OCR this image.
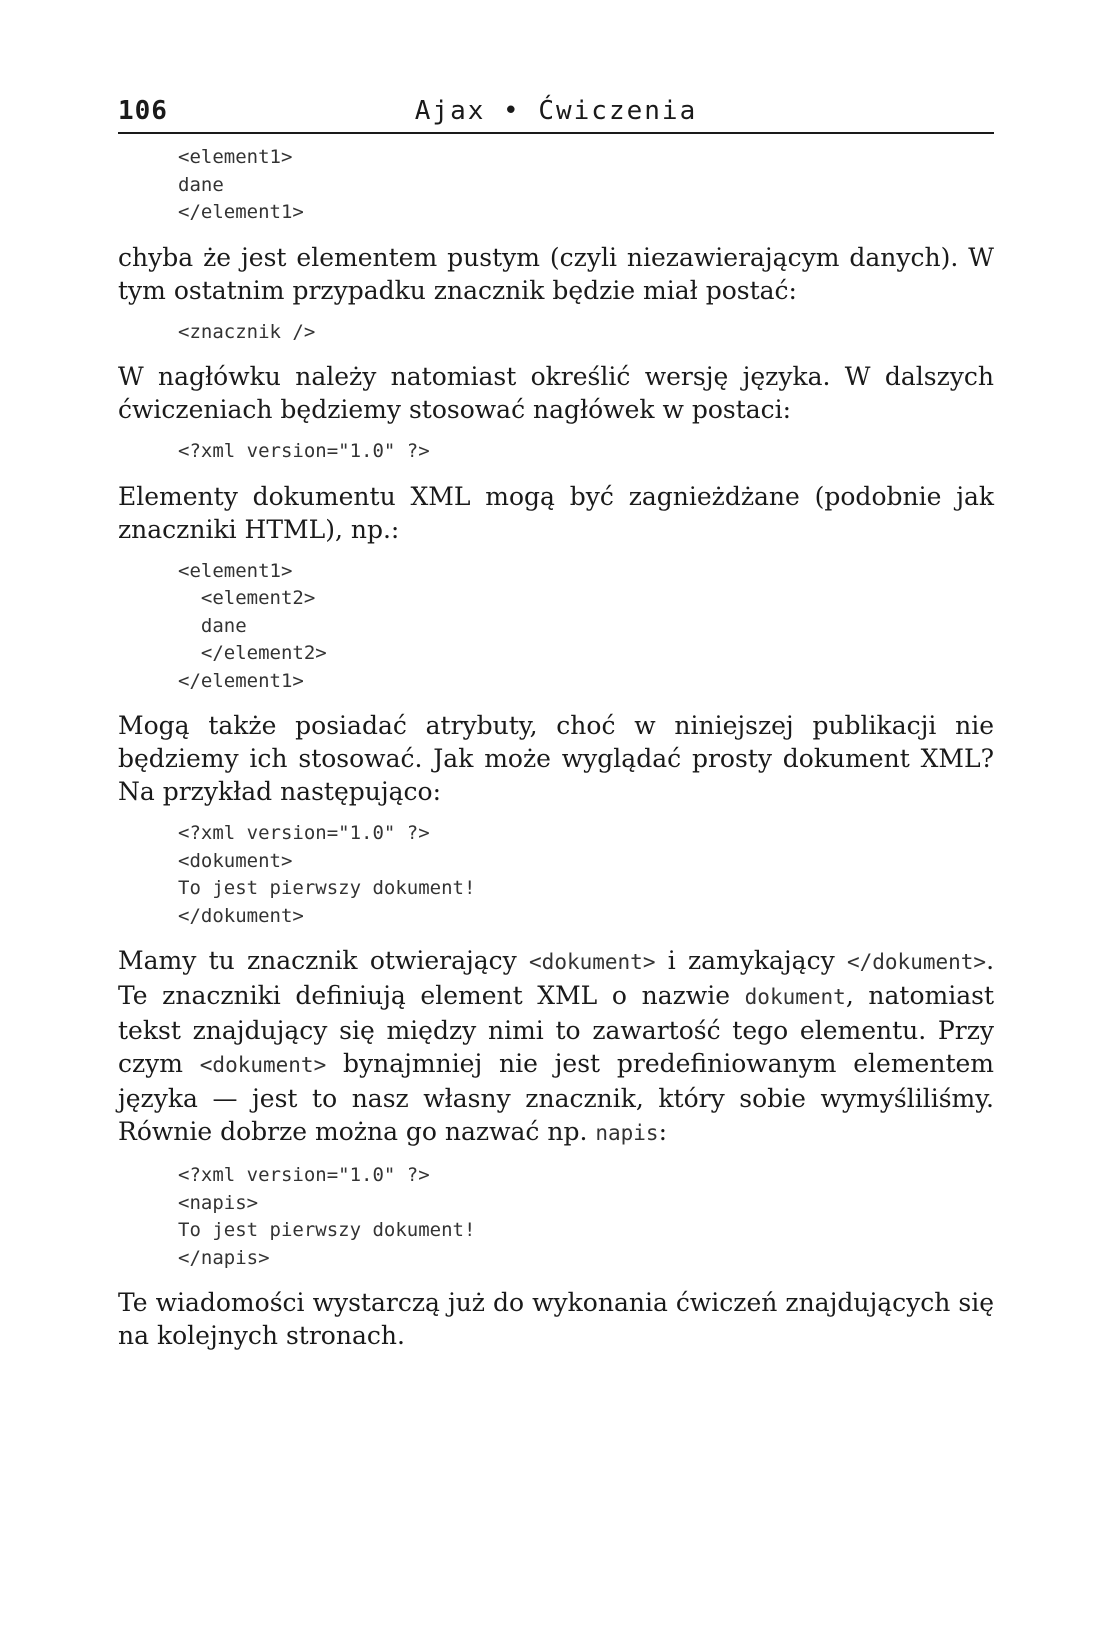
106	Ajax • Ćwiczenia
<element1>
dane
</element1>

chyba że jest elementem pustym (czyli niezawierającym danych). W tym ostatnim przypadku znacznik będzie miał postać:

<znacznik />

W nagłówku należy natomiast określić wersję języka. W dalszych ćwiczeniach będziemy stosować nagłówek w postaci:

<?xml version="1.0" ?>

Elementy dokumentu XML mogą być zagnieżdżane (podobnie jak znaczniki HTML), np.:

<element1>
<element2>
dane
</element2>
</element1>

Mogą także posiadać atrybuty, choć w niniejszej publikacji nie będziemy ich stosować. Jak może wyglądać prosty dokument XML? Na przykład następująco:

<?xml version="1.0" ?>
<dokument>
To jest pierwszy dokument!
</dokument>

Mamy tu znacznik otwierający <dokument> i zamykający </dokument>. Te znaczniki definiują element XML o nazwie dokument, natomiast tekst znajdujący się między nimi to zawartość tego elementu. Przy czym <dokument> bynajmniej nie jest predefiniowanym elementem języka — jest to nasz własny znacznik, który sobie wymyśliliśmy. Równie dobrze można go nazwać np. napis:

<?xml version="1.0" ?>
<napis>
To jest pierwszy dokument!
</napis>

Te wiadomości wystarczą już do wykonania ćwiczeń znajdujących się na kolejnych stronach.
